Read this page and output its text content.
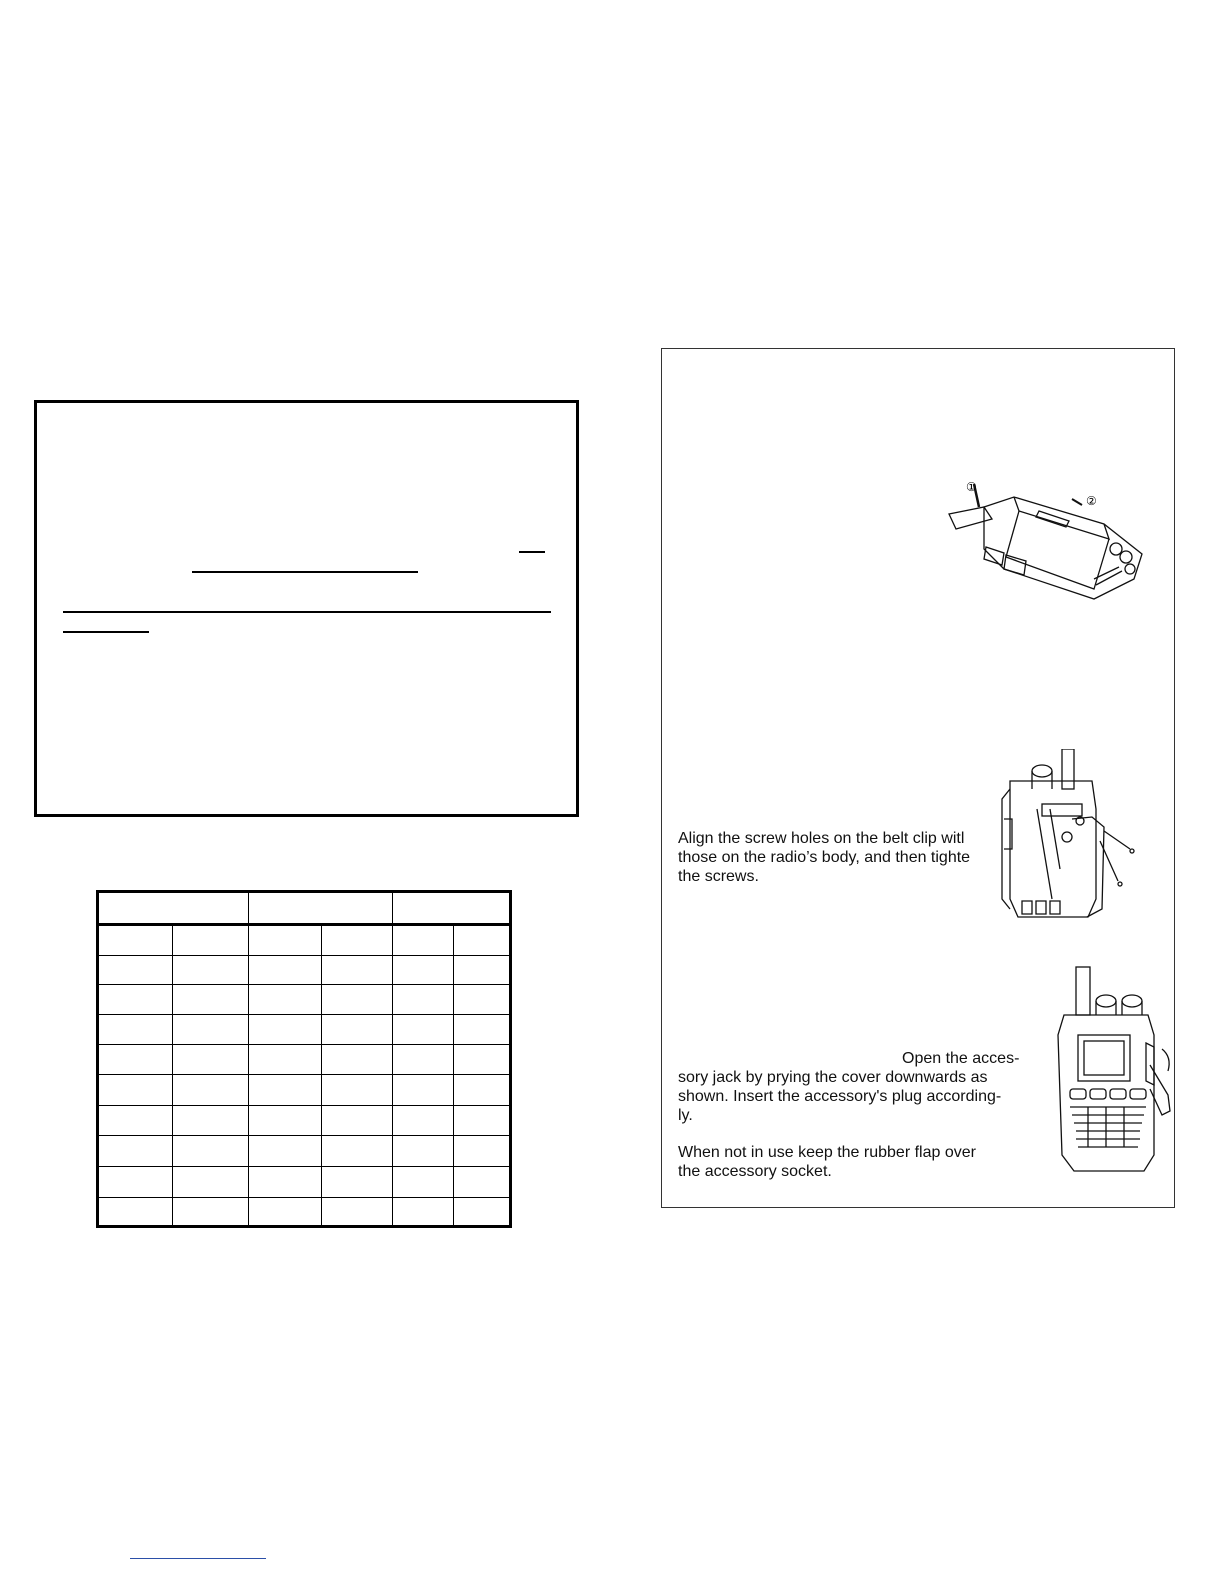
①
②

Align the screw holes on the belt clip witl

those on the radio’s body, and then tighte

the screws.

Open the acces-

sory jack by prying the cover downwards as

shown. Insert the accessory's plug according-

ly.

When not in use keep the rubber flap over

the accessory socket.
